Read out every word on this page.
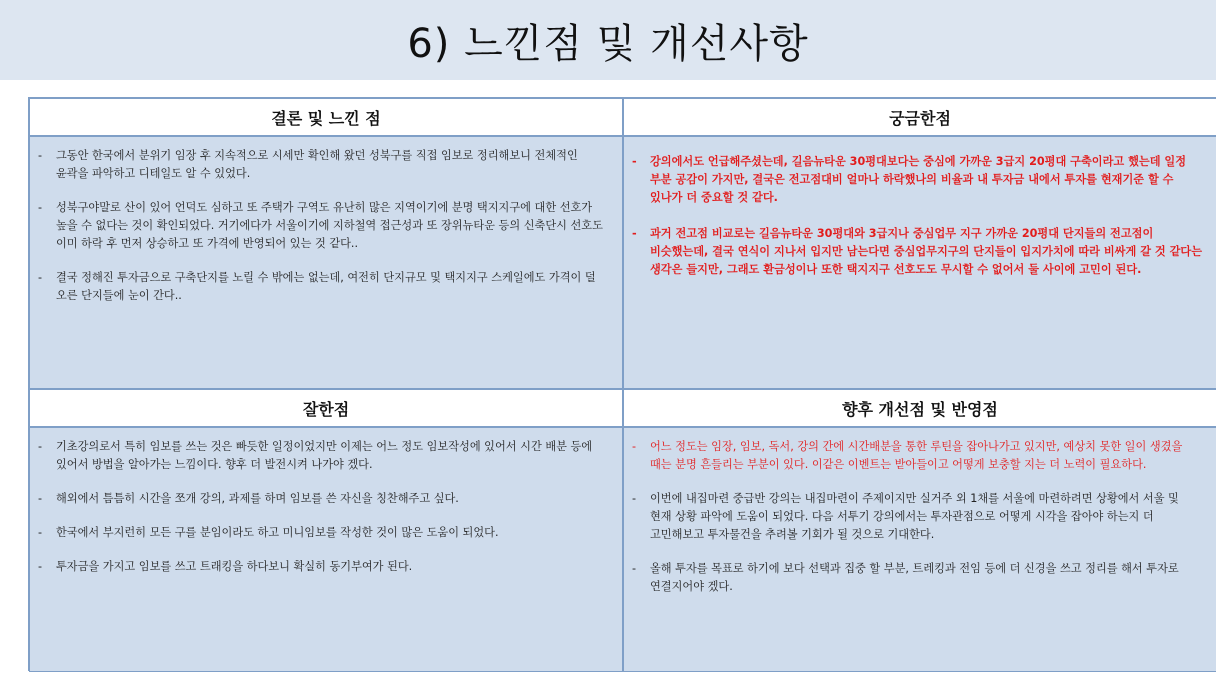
6) 느낀점 및 개선사항
결론 및 느낀 점	궁금한점
- 그동안 한국에서 분위기 임장 후 지속적으로 시세만 확인해 왔던 성북구를 직접 임보로 정리해보니 전체적인 윤곽을 파악하고 디테일도 알 수 있었다.
- 성북구야말로 산이 있어 언덕도 심하고 또 주택가 구역도 유난히 많은 지역이기에 분명 택지지구에 대한 선호가 높을 수 없다는 것이 확인되었다. 거기에다가 서울이기에 지하철역 접근성과 또 장위뉴타운 등의 신축단시 선호도 이미 하락 후 먼저 상승하고 또 가격에 반영되어 있는 것 같다..
- 결국 정해진 투자금으로 구축단지를 노릴 수 밖에는 없는데, 여전히 단지규모 및 택지지구 스케일에도 가격이 덜 오른 단지들에 눈이 간다..
- 강의에서도 언급해주셨는데, 길음뉴타운 30평대보다는 중심에 가까운 3급지 20평대 구축이라고 했는데 일정 부분 공감이 가지만, 결국은 전고점대비 얼마나 하락했나의 비율과 내 투자금 내에서 투자를 현재기준 할 수 있나가 더 중요할 것 같다.
- 과거 전고점 비교로는 길음뉴타운 30평대와 3급지나 중심업무 지구 가까운 20평대 단지들의 전고점이 비슷했는데, 결국 연식이 지나서 입지만 남는다면 중심업무지구의 단지들이 입지가치에 따라 비싸게 갈 것 같다는 생각은 들지만, 그래도 환금성이나 또한 택지지구 선호도도 무시할 수 없어서 둘 사이에 고민이 된다.
잘한점	향후 개선점 및 반영점
- 기초강의로서 특히 임보를 쓰는 것은 빠듯한 일정이었지만 이제는 어느 정도 임보작성에 있어서 시간 배분 등에 있어서 방법을 알아가는 느낌이다. 향후 더 발전시켜 나가야 겠다.
- 해외에서 틈틈히 시간을 쪼개 강의, 과제를 하며 임보를 쓴 자신을 칭찬해주고 싶다.
- 한국에서 부지런히 모든 구를 분임이라도 하고 미니임보를 작성한 것이 많은 도움이 되었다.
- 투자금을 가지고 임보를 쓰고 트래킹을 하다보니 확실히 동기부여가 된다.
- 어느 정도는 임장, 임보, 독서, 강의 간에 시간배분을 통한 루틴을 잡아나가고 있지만, 예상치 못한 일이 생겼을 때는 분명 흔들리는 부분이 있다. 이같은 이벤트는 받아들이고 어떻게 보충할 지는 더 노력이 필요하다.
- 이번에 내집마련 중급반 강의는 내집마련이 주제이지만 실거주 외 1채를 서울에 마련하려면 상황에서 서울 및 현재 상황 파악에 도움이 되었다. 다음 서투기 강의에서는 투자관점으로 어떻게 시각을 잡아야 하는지 더 고민해보고 투자물건을 추려볼 기회가 될 것으로 기대한다.
- 올해 투자를 목표로 하기에 보다 선택과 집중 할 부분, 트레킹과 전임 등에 더 신경을 쓰고 정리를 해서 투자로 연결지어야 겠다.
